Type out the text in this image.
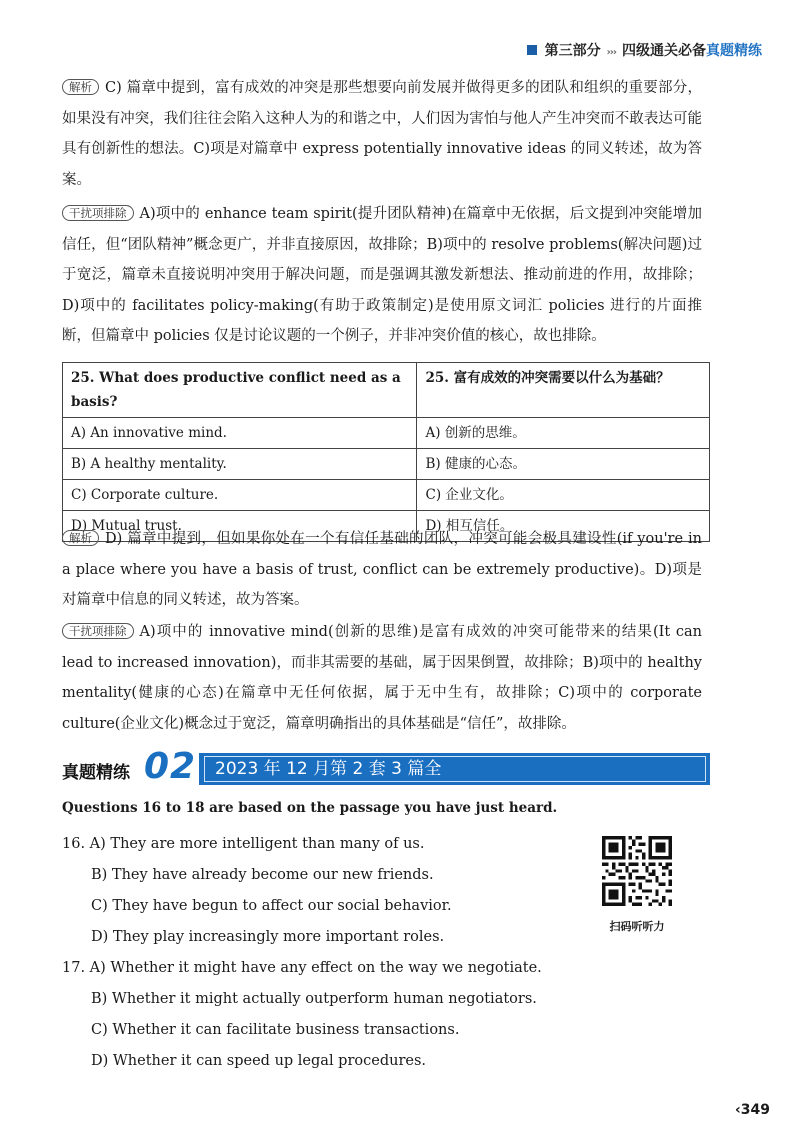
第三部分 ››› 四级通关必备真题精练
解析 C) 篇章中提到，富有成效的冲突是那些想要向前发展并做得更多的团队和组织的重要部分，如果没有冲突，我们往往会陷入这种人为的和谐之中，人们因为害怕与他人产生冲突而不敢表达可能具有创新性的想法。C)项是对篇章中 express potentially innovative ideas 的同义转述，故为答案。
干扰项排除 A)项中的 enhance team spirit(提升团队精神)在篇章中无依据，后文提到冲突能增加信任，但“团队精神”概念更广，并非直接原因，故排除；B)项中的 resolve problems(解决问题)过于宽泛，篇章未直接说明冲突用于解决问题，而是强调其激发新想法、推动前进的作用，故排除；D)项中的 facilitates policy-making(有助于政策制定)是使用原文词汇 policies 进行的片面推断，但篇章中 policies 仅是讨论议题的一个例子，并非冲突价值的核心，故也排除。
25. What does productive conflict need as a basis?	25. 富有成效的冲突需要以什么为基础？
A) An innovative mind.	A) 创新的思维。
B) A healthy mentality.	B) 健康的心态。
C) Corporate culture.	C) 企业文化。
D) Mutual trust.	D) 相互信任。
解析 D) 篇章中提到，但如果你处在一个有信任基础的团队，冲突可能会极具建设性(if you're in a place where you have a basis of trust, conflict can be extremely productive)。D)项是对篇章中信息的同义转述，故为答案。
干扰项排除 A)项中的 innovative mind(创新的思维)是富有成效的冲突可能带来的结果(It can lead to increased innovation)，而非其需要的基础，属于因果倒置，故排除；B)项中的 healthy mentality(健康的心态)在篇章中无任何依据，属于无中生有，故排除；C)项中的 corporate culture(企业文化)概念过于宽泛，篇章明确指出的具体基础是“信任”，故排除。
真题精练 02	2023 年 12 月第 2 套 3 篇全
Questions 16 to 18 are based on the passage you have just heard.
16. A) They are more intelligent than many of us.
B) They have already become our new friends.
C) They have begun to affect our social behavior.
D) They play increasingly more important roles.
17. A) Whether it might have any effect on the way we negotiate.
B) Whether it might actually outperform human negotiators.
C) Whether it can facilitate business transactions.
D) Whether it can speed up legal procedures.
扫码听听力
‹349
